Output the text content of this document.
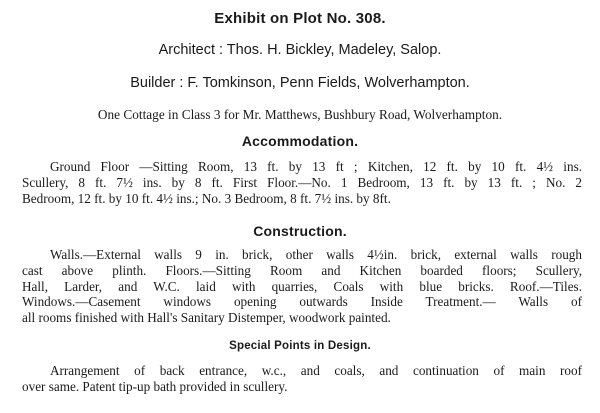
Exhibit on Plot No. 308.
Architect : Thos. H. Bickley, Madeley, Salop.
Builder : F. Tomkinson, Penn Fields, Wolverhampton.
One Cottage in Class 3 for Mr. Matthews, Bushbury Road, Wolverhampton.
Accommodation.
Ground Floor —Sitting Room, 13 ft. by 13 ft ; Kitchen, 12 ft. by 10 ft. 4½ ins.
Scullery, 8 ft. 7½ ins. by 8 ft. First Floor.—No. 1 Bedroom, 13 ft. by 13 ft. ; No. 2
Bedroom, 12 ft. by 10 ft. 4½ ins.; No. 3 Bedroom, 8 ft. 7½ ins. by 8ft.
Construction.
Walls.—External walls 9 in. brick, other walls 4½in. brick, external walls rough
cast above plinth. Floors.—Sitting Room and Kitchen boarded floors; Scullery,
Hall, Larder, and W.C. laid with quarries, Coals with blue bricks. Roof.—Tiles.
Windows.—Casement windows opening outwards Inside Treatment.— Walls of
all rooms finished with Hall's Sanitary Distemper, woodwork painted.
Special Points in Design.
Arrangement of back entrance, w.c., and coals, and continuation of main roof
over same. Patent tip-up bath provided in scullery.
